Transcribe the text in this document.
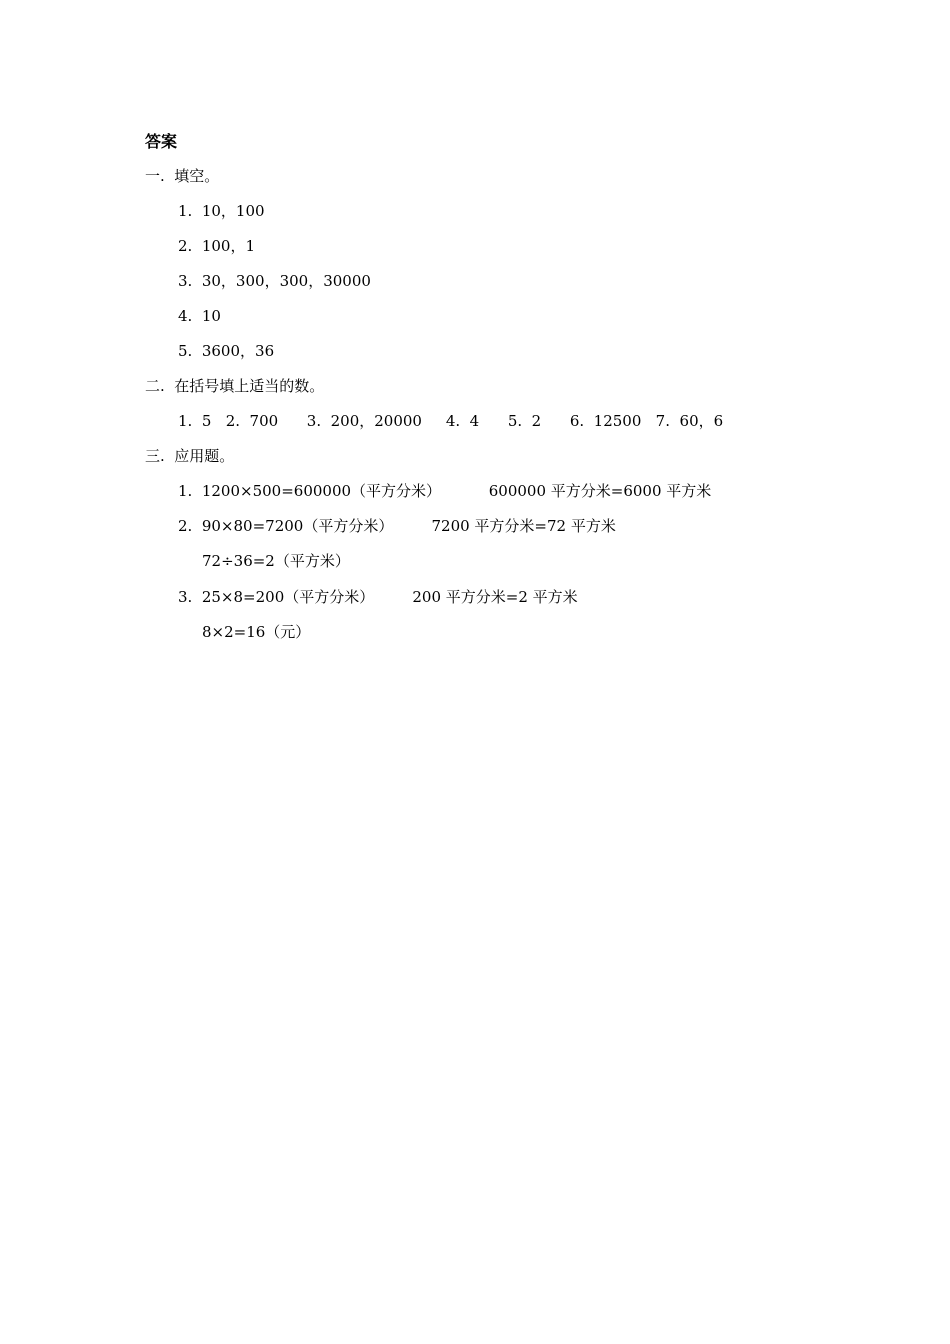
答案
一.  填空。
1.  10，100
2.  100，1
3.  30，300，300，30000
4.  10
5.  3600，36
二.  在括号填上适当的数。
1.  5   2.  700      3.  200，20000     4.  4      5.  2      6.  12500   7.  60，6
三.  应用题。
1.  1200×500=600000（平方分米）          600000 平方分米=6000 平方米
2.  90×80=7200（平方分米）        7200 平方分米=72 平方米
72÷36=2（平方米）
3.  25×8=200（平方分米）        200 平方分米=2 平方米
8×2=16（元）
